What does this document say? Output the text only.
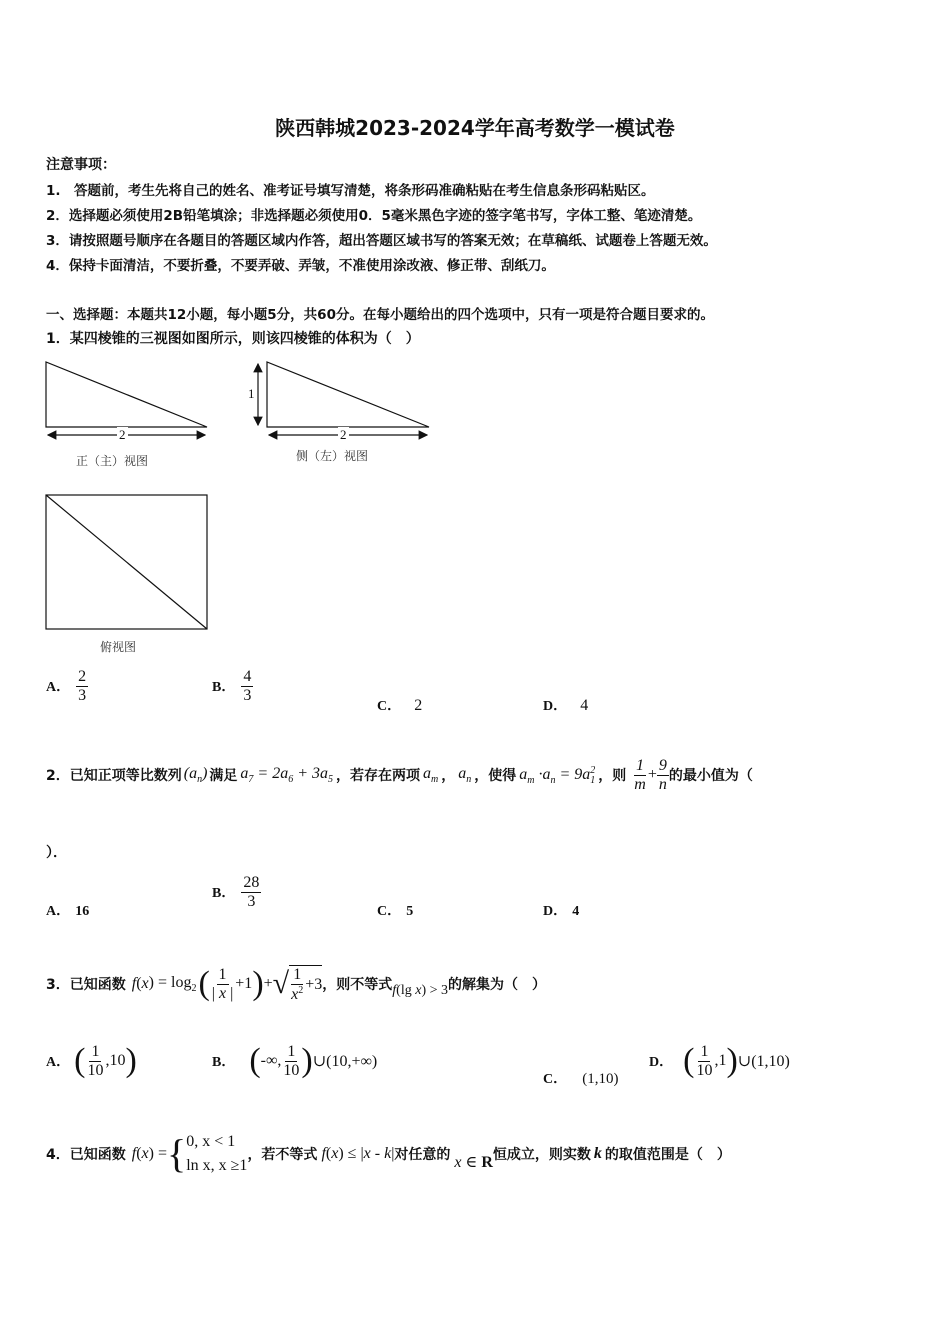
陕西韩城2023-2024学年高考数学一模试卷
注意事项：
1.　答题前，考生先将自己的姓名、准考证号填写清楚，将条形码准确粘贴在考生信息条形码粘贴区。
2．选择题必须使用2B铅笔填涂；非选择题必须使用0．5毫米黑色字迹的签字笔书写，字体工整、笔迹清楚。
3．请按照题号顺序在各题目的答题区域内作答，超出答题区域书写的答案无效；在草稿纸、试题卷上答题无效。
4．保持卡面清洁，不要折叠，不要弄破、弄皱，不准使用涂改液、修正带、刮纸刀。
一、选择题：本题共12小题，每小题5分，共60分。在每小题给出的四个选项中，只有一项是符合题目要求的。
1．某四棱锥的三视图如图所示，则该四棱锥的体积为（　）
2	2
1
正（主）视图	侧（左）视图
俯视图
A． $\frac{2}{3}$	B． $\frac{4}{3}$
C． 2	D． 4
2．已知正项等比数列 $(a_n)$ 满足 $a_7 = 2a_6 + 3a_5$ ，若存在两项 $a_m$ ， $a_n$ ，使得 $a_m \cdot a_n = 9a_1^2$ ，则 $\frac{1}{m} + \frac{9}{n}$ 的最小值为（
）．
A． 16
B． $\frac{28}{3}$
C． 5	D． 4
3．已知函数 f ( x ) = $\log_2$ ( $\frac{1}{| x |} +1$ ) + √ $\frac{1}{x^2} +3$ ，则不等式 f (lg x) > 3 的解集为（　）
A． ( $\frac{1}{10} ,10$ )	B． ( -∞, $\frac{1}{10}$ ) ∪(10,+∞)
C． (1,10)
D． ( $\frac{1}{10} ,1$ ) ∪(1,10)
4．已知函数 f ( x ) = { 0, x < 1
ln x, x ≥1
，若不等式 f (x) ≤ |x - k| 对任意的 x ∈ R 恒成立，则实数 k 的取值范围是（　）
